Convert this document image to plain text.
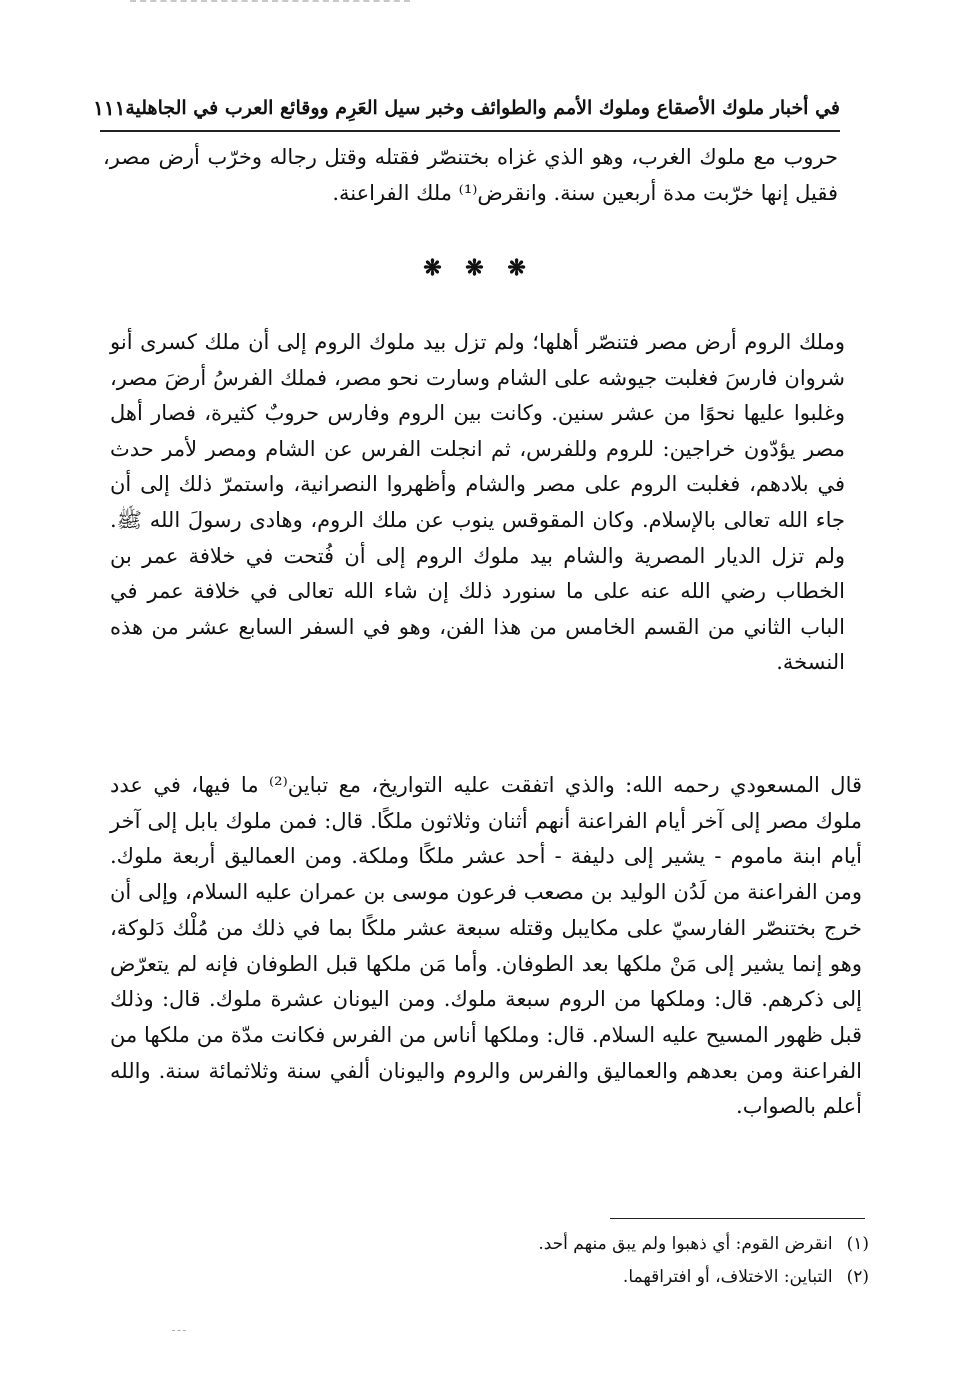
في أخبار ملوك الأصقاع وملوك الأمم والطوائف وخبر سيل العَرِم ووقائع العرب في الجاهلية
١١١
حروب مع ملوك الغرب، وهو الذي غزاه بختنصّر فقتله وقتل رجاله وخرّب أرض مصر، فقيل إنها خرّبت مدة أربعين سنة. وانقرض⁽¹⁾ ملك الفراعنة.
❋ ❋ ❋
وملك الروم أرض مصر فتنصّر أهلها؛ ولم تزل بيد ملوك الروم إلى أن ملك كسرى أنو شروان فارسَ فغلبت جيوشه على الشام وسارت نحو مصر، فملك الفرسُ أرضَ مصر، وغلبوا عليها نحوًا من عشر سنين. وكانت بين الروم وفارس حروبٌ كثيرة، فصار أهل مصر يؤدّون خراجين: للروم وللفرس، ثم انجلت الفرس عن الشام ومصر لأمر حدث في بلادهم، فغلبت الروم على مصر والشام وأظهروا النصرانية، واستمرّ ذلك إلى أن جاء الله تعالى بالإسلام. وكان المقوقس ينوب عن ملك الروم، وهادى رسولَ الله ﷺ. ولم تزل الديار المصرية والشام بيد ملوك الروم إلى أن فُتحت في خلافة عمر بن الخطاب رضي الله عنه على ما سنورد ذلك إن شاء الله تعالى في خلافة عمر في الباب الثاني من القسم الخامس من هذا الفن، وهو في السفر السابع عشر من هذه النسخة.
قال المسعودي رحمه الله: والذي اتفقت عليه التواريخ، مع تباين⁽²⁾ ما فيها، في عدد ملوك مصر إلى آخر أيام الفراعنة أنهم أثنان وثلاثون ملكًا. قال: فمن ملوك بابل إلى آخر أيام ابنة ماموم - يشير إلى دليفة - أحد عشر ملكًا وملكة. ومن العماليق أربعة ملوك. ومن الفراعنة من لَدُن الوليد بن مصعب فرعون موسى بن عمران عليه السلام، وإلى أن خرج بختنصّر الفارسيّ على مكايبل وقتله سبعة عشر ملكًا بما في ذلك من مُلْك دَلوكة، وهو إنما يشير إلى مَنْ ملكها بعد الطوفان. وأما مَن ملكها قبل الطوفان فإنه لم يتعرّض إلى ذكرهم. قال: وملكها من الروم سبعة ملوك. ومن اليونان عشرة ملوك. قال: وذلك قبل ظهور المسيح عليه السلام. قال: وملكها أناس من الفرس فكانت مدّة من ملكها من الفراعنة ومن بعدهم والعماليق والفرس والروم واليونان ألفي سنة وثلاثمائة سنة. والله أعلم بالصواب.
(١)
انقرض القوم: أي ذهبوا ولم يبق منهم أحد.
(٢)
التباين: الاختلاف، أو افتراقهما.
